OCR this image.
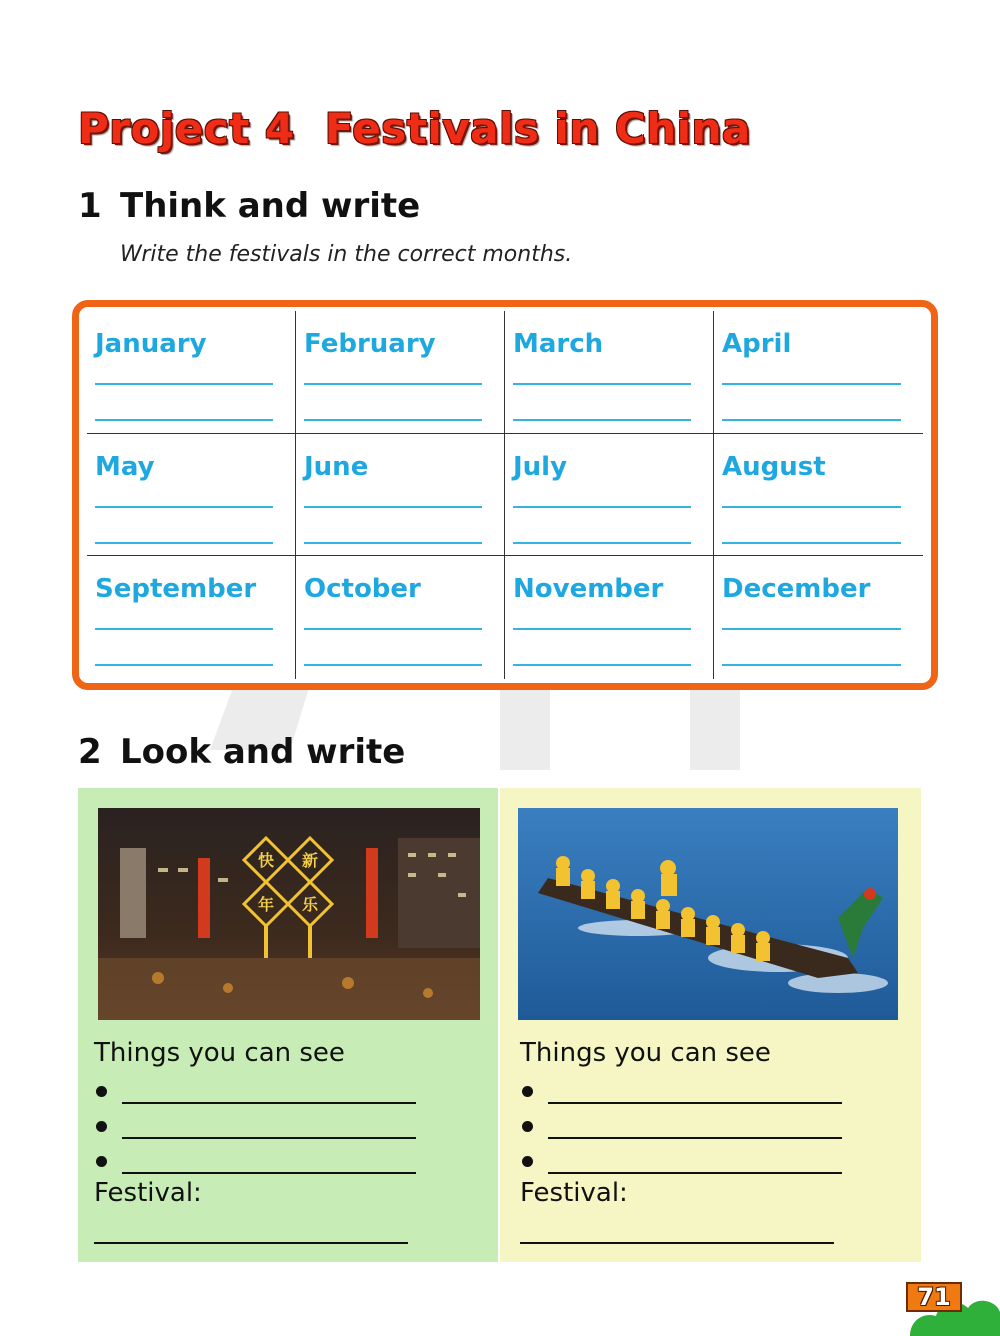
Project 4  Festivals in China
1 Think and write
Write the festivals in the correct months.
January	February	March	April
May	June	July	August
September October	November December
2 Look and write
快 新
年 乐
Things you can see
Festival:
Things you can see
Festival:
71
